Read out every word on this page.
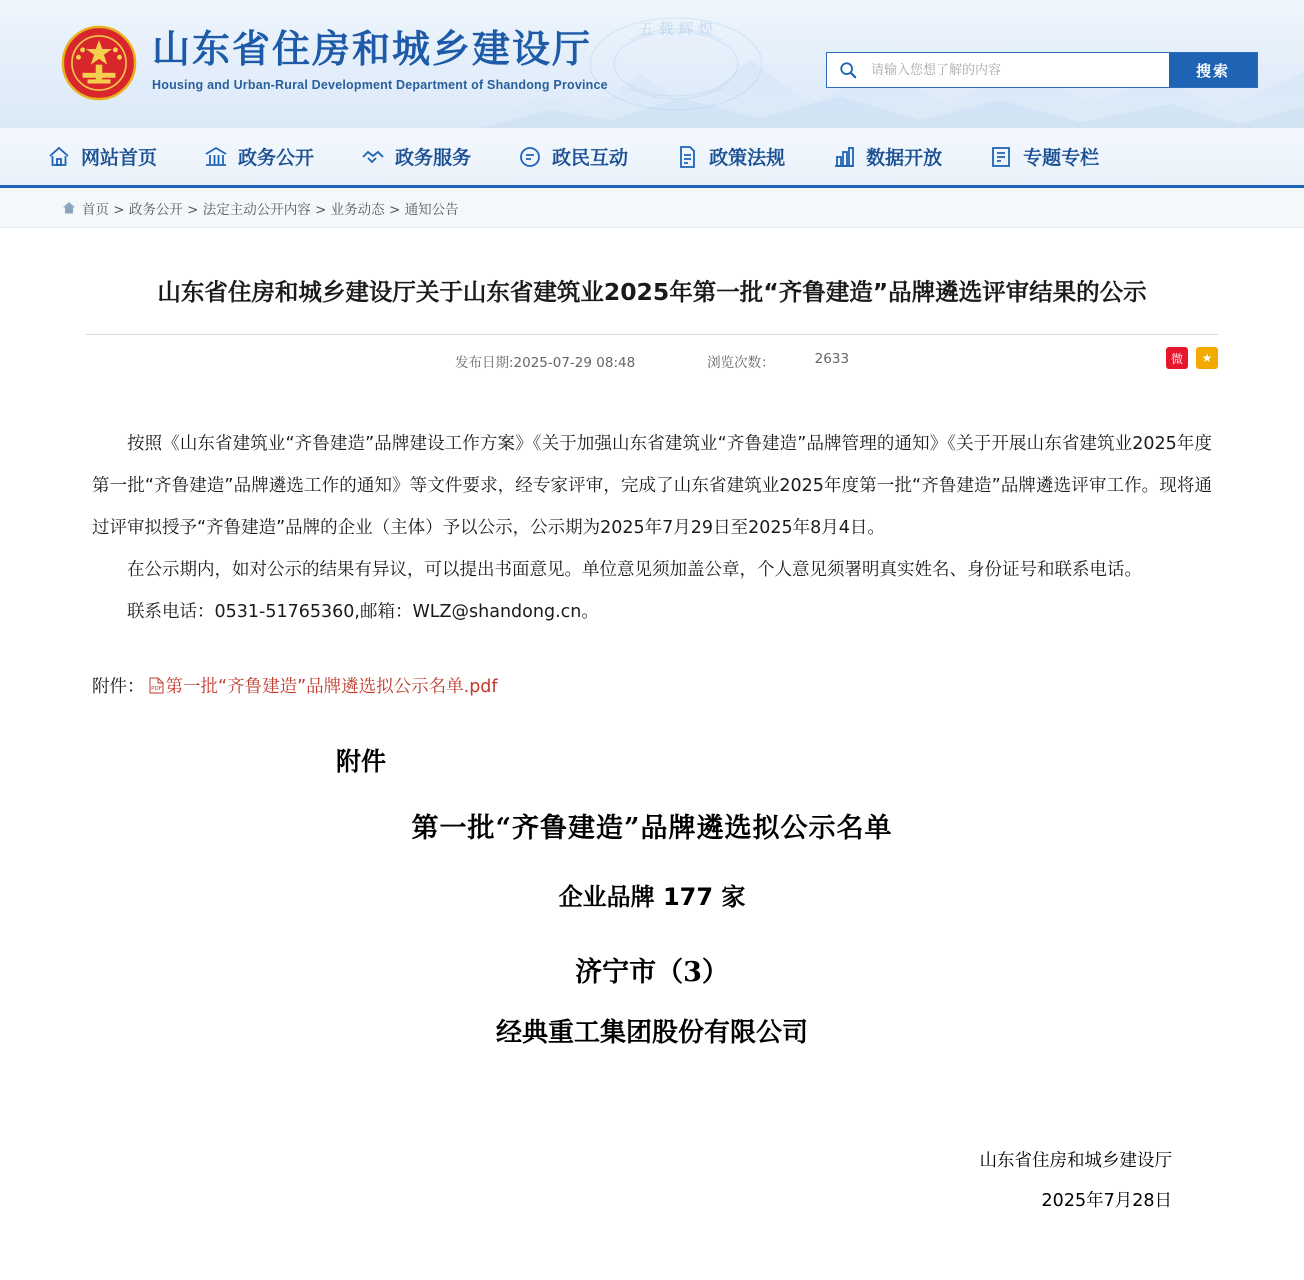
五 载 辉 煌
山东省住房和城乡建设厅
Housing and Urban-Rural Development Department of Shandong Province
请输入您想了解的内容
搜索
网站首页	政务公开	政务服务	政民互动	政策法规	数据开放	专题专栏
首页 > 政务公开 > 法定主动公开内容 > 业务动态 > 通知公告
山东省住房和城乡建设厅关于山东省建筑业2025年第一批“齐鲁建造”品牌遴选评审结果的公示
发布日期:2025-07-29 08:48	浏览次数：	2633	微	★

按照《山东省建筑业“齐鲁建造”品牌建设工作方案》《关于加强山东省建筑业“齐鲁建造”品牌管理的通知》《关于开展山东省建筑业2025年度第一批“齐鲁建造”品牌遴选工作的通知》等文件要求，经专家评审，完成了山东省建筑业2025年度第一批“齐鲁建造”品牌遴选评审工作。现将通过评审拟授予“齐鲁建造”品牌的企业（主体）予以公示，公示期为2025年7月29日至2025年8月4日。

在公示期内，如对公示的结果有异议，可以提出书面意见。单位意见须加盖公章，个人意见须署明真实姓名、身份证号和联系电话。

联系电话：0531-51765360,邮箱：WLZ@shandong.cn。

附件： PDF 第一批“齐鲁建造”品牌遴选拟公示名单.pdf
附件
第一批“齐鲁建造”品牌遴选拟公示名单
企业品牌 177 家
济宁市（3）
经典重工集团股份有限公司
山东省住房和城乡建设厅
2025年7月28日
